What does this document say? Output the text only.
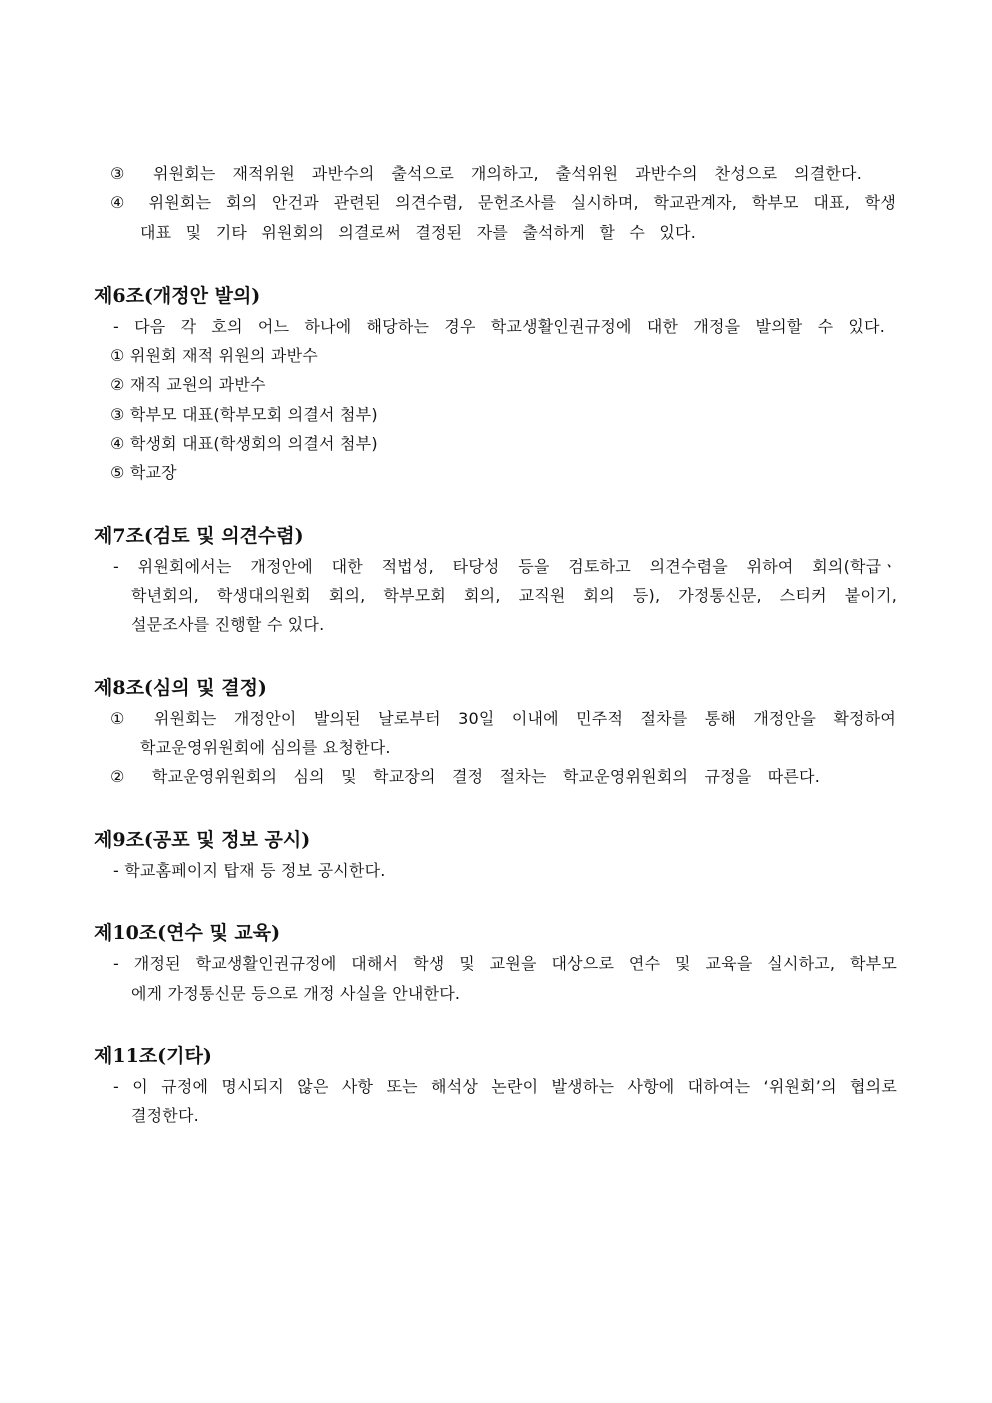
③ 위원회는 재적위원 과반수의 출석으로 개의하고, 출석위원 과반수의 찬성으로 의결한다.
④ 위원회는 회의 안건과 관련된 의견수렴, 문헌조사를 실시하며, 학교관계자, 학부모 대표, 학생
대표 및 기타 위원회의 의결로써 결정된 자를 출석하게 할 수 있다.
제6조(개정안 발의)
- 다음 각 호의 어느 하나에 해당하는 경우 학교생활인권규정에 대한 개정을 발의할 수 있다.
① 위원회 재적 위원의 과반수
② 재직 교원의 과반수
③ 학부모 대표(학부모회 의결서 첨부)
④ 학생회 대표(학생회의 의결서 첨부)
⑤ 학교장
제7조(검토 및 의견수렴)
- 위원회에서는 개정안에 대한 적법성, 타당성 등을 검토하고 의견수렴을 위하여 회의(학급ㆍ
학년회의, 학생대의원회 회의, 학부모회 회의, 교직원 회의 등), 가정통신문, 스티커 붙이기,
설문조사를 진행할 수 있다.
제8조(심의 및 결정)
① 위원회는 개정안이 발의된 날로부터 30일 이내에 민주적 절차를 통해 개정안을 확정하여
학교운영위원회에 심의를 요청한다.
② 학교운영위원회의 심의 및 학교장의 결정 절차는 학교운영위원회의 규정을 따른다.
제9조(공포 및 정보 공시)
- 학교홈페이지 탑재 등 정보 공시한다.
제10조(연수 및 교육)
- 개정된 학교생활인권규정에 대해서 학생 및 교원을 대상으로 연수 및 교육을 실시하고, 학부모
에게 가정통신문 등으로 개정 사실을 안내한다.
제11조(기타)
- 이 규정에 명시되지 않은 사항 또는 해석상 논란이 발생하는 사항에 대하여는 ‘위원회’의 협의로
결정한다.
